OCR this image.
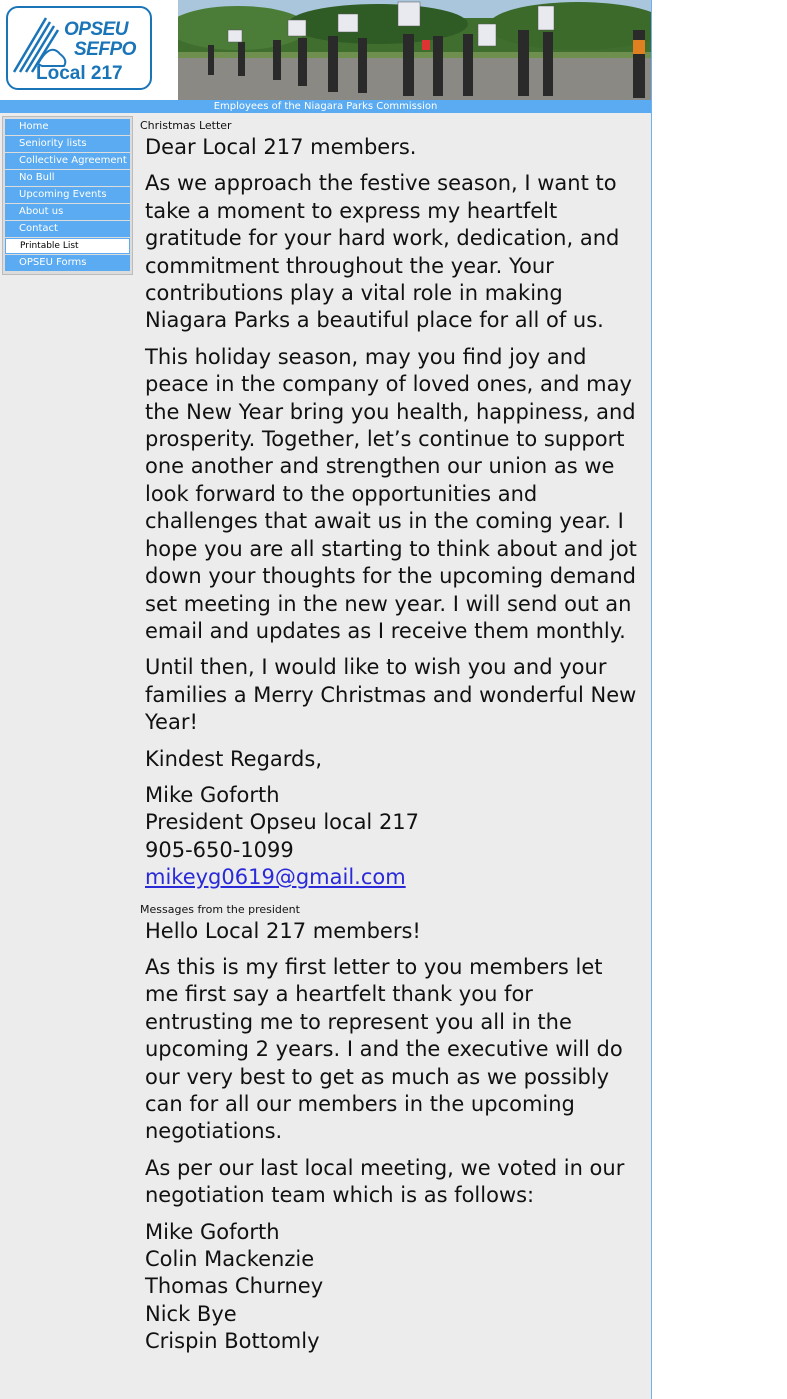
OPSEU
SEFPO
Local 217
Employees of the Niagara Parks Commission
Home
Seniority lists
Collective Agreement
No Bull
Upcoming Events
About us
Contact
Printable List
OPSEU Forms
Christmas Letter

Dear Local 217 members.

As we approach the festive season, I want to take a moment to express my heartfelt gratitude for your hard work, dedication, and commitment throughout the year. Your contributions play a vital role in making Niagara Parks a beautiful place for all of us.

This holiday season, may you find joy and peace in the company of loved ones, and may the New Year bring you health, happiness, and prosperity. Together, let’s continue to support one another and strengthen our union as we look forward to the opportunities and challenges that await us in the coming year. I hope you are all starting to think about and jot down your thoughts for the upcoming demand set meeting in the new year. I will send out an email and updates as I receive them monthly.

Until then, I would like to wish you and your families a Merry Christmas and wonderful New Year!

Kindest Regards,

Mike Goforth
President Opseu local 217
905-650-1099
mikeyg0619@gmail.com

Messages from the president

Hello Local 217 members!

As this is my first letter to you members let me first say a heartfelt thank you for entrusting me to represent you all in the upcoming 2 years. I and the executive will do our very best to get as much as we possibly can for all our members in the upcoming negotiations.

As per our last local meeting, we voted in our negotiation team which is as follows:

Mike Goforth
Colin Mackenzie
Thomas Churney
Nick Bye
Crispin Bottomly
